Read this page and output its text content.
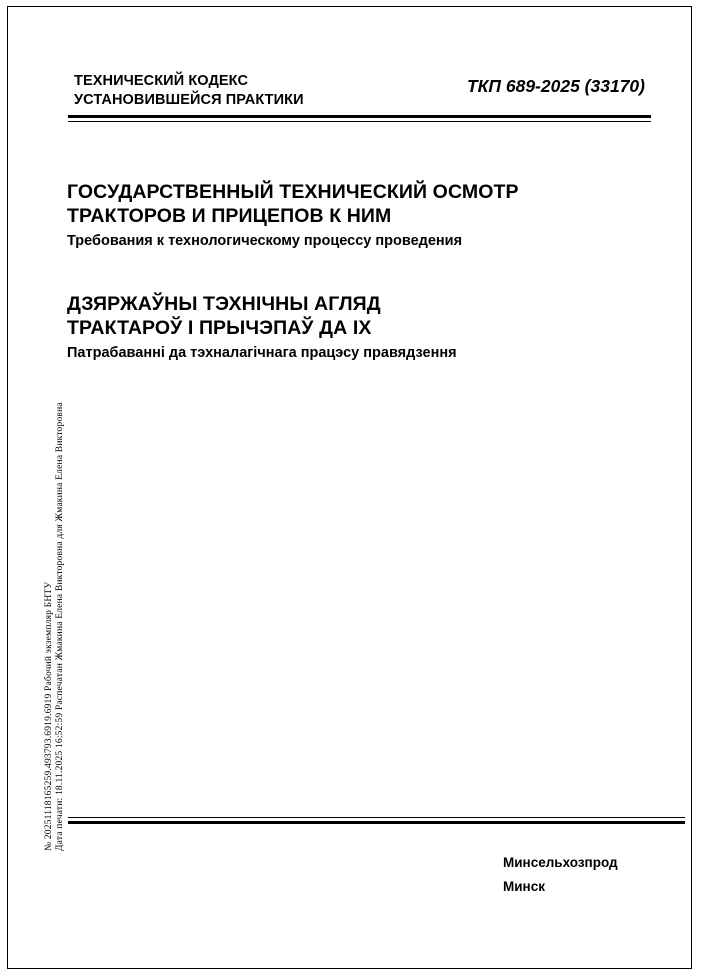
ТЕХНИЧЕСКИЙ КОДЕКС
УСТАНОВИВШЕЙСЯ ПРАКТИКИ
ТКП 689-2025 (33170)
ГОСУДАРСТВЕННЫЙ ТЕХНИЧЕСКИЙ ОСМОТР
ТРАКТОРОВ И ПРИЦЕПОВ К НИМ
Требования к технологическому процессу проведения
ДЗЯРЖАЎНЫ ТЭХНІЧНЫ АГЛЯД
ТРАКТАРОЎ І ПРЫЧЭПАЎ ДА ІХ
Патрабаванні да тэхналагічнага працэсу правядзення
№ 20251118165259.493793.6919.6919 Рабочий экземпляр БНТУ Дата печати: 18.11.2025 16:52:59 Распечатан Жмакина Елена Викторовна для Жмакина Елена Викторовна
Минсельхозпрод
Минск
